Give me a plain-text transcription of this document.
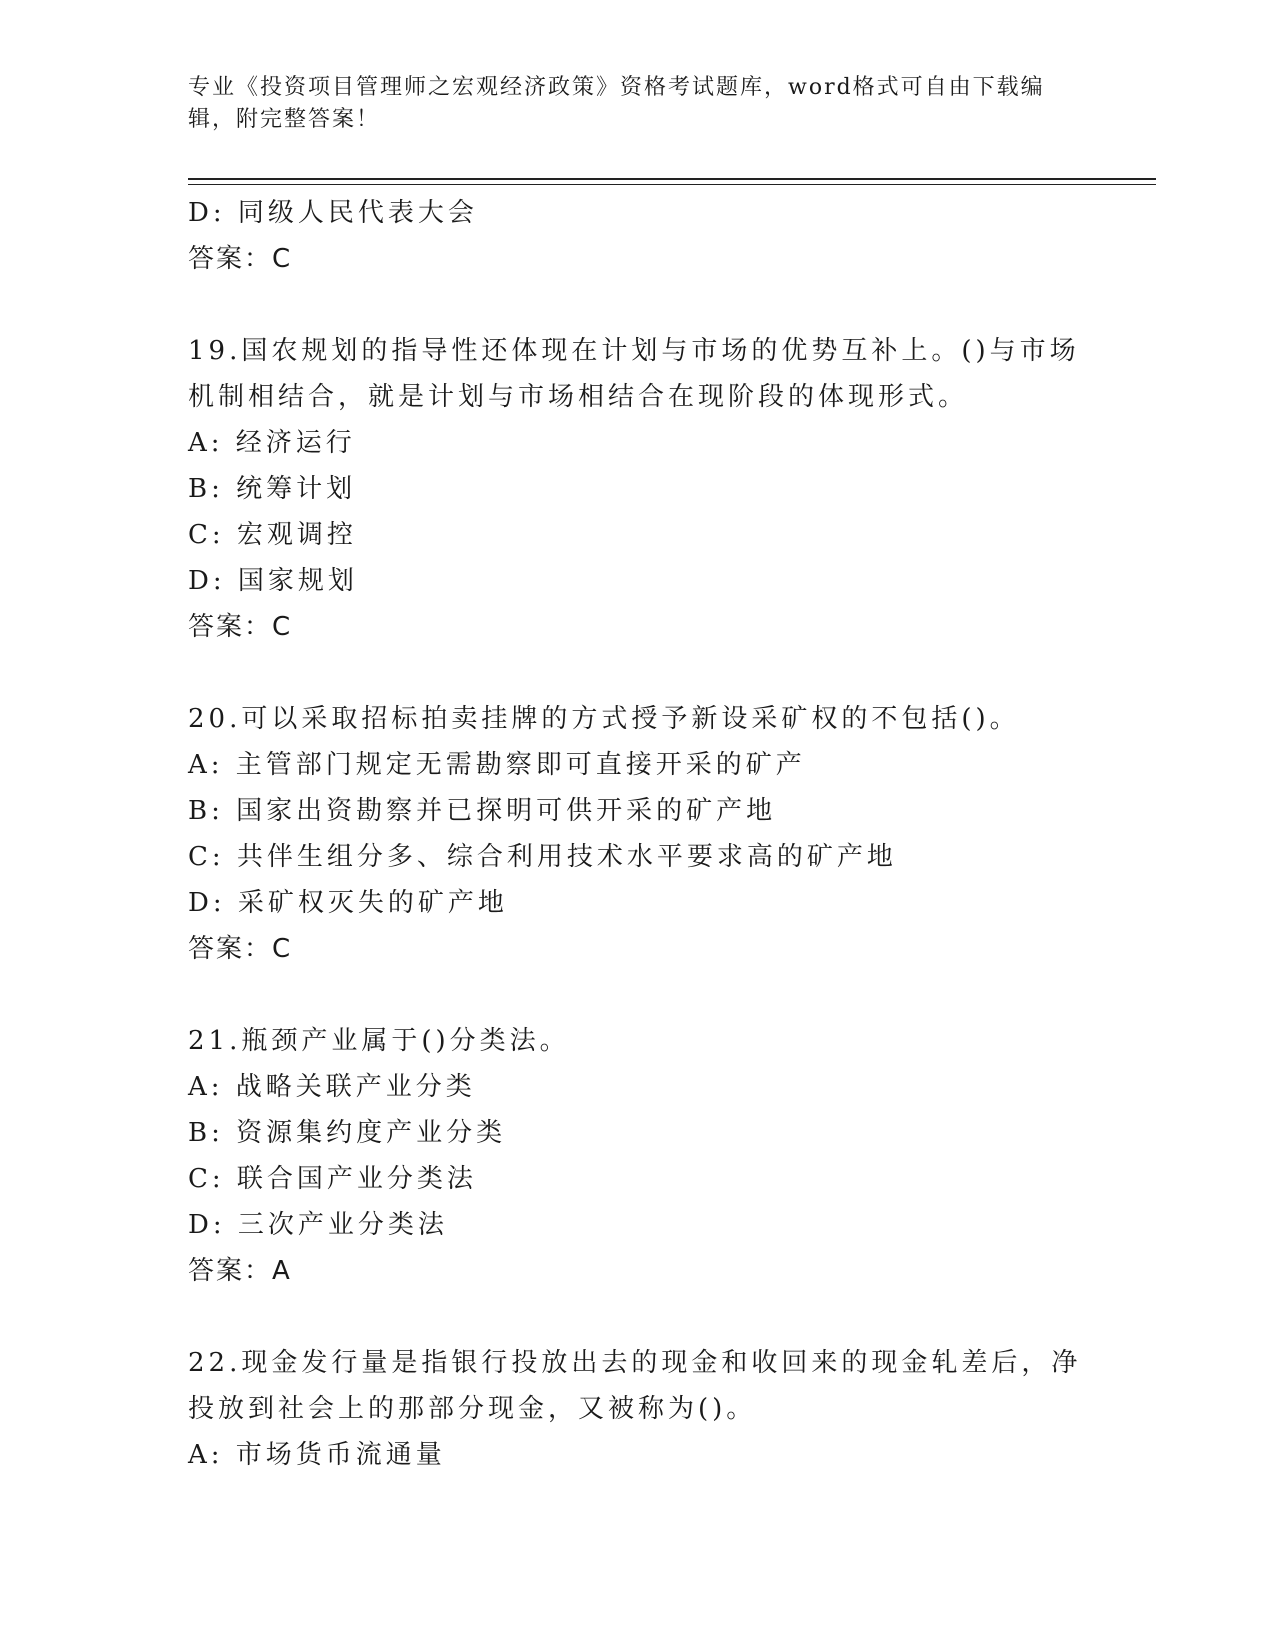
专业《投资项目管理师之宏观经济政策》资格考试题库，word格式可自由下载编辑，附完整答案！
D: 同级人民代表大会
答案：C
19.国农规划的指导性还体现在计划与市场的优势互补上。()与市场机制相结合，就是计划与市场相结合在现阶段的体现形式。
A: 经济运行
B: 统筹计划
C: 宏观调控
D: 国家规划
答案：C
20.可以采取招标拍卖挂牌的方式授予新设采矿权的不包括()。
A: 主管部门规定无需勘察即可直接开采的矿产
B: 国家出资勘察并已探明可供开采的矿产地
C: 共伴生组分多、综合利用技术水平要求高的矿产地
D: 采矿权灭失的矿产地
答案：C
21.瓶颈产业属于()分类法。
A: 战略关联产业分类
B: 资源集约度产业分类
C: 联合国产业分类法
D: 三次产业分类法
答案：A
22.现金发行量是指银行投放出去的现金和收回来的现金轧差后，净投放到社会上的那部分现金，又被称为()。
A: 市场货币流通量
